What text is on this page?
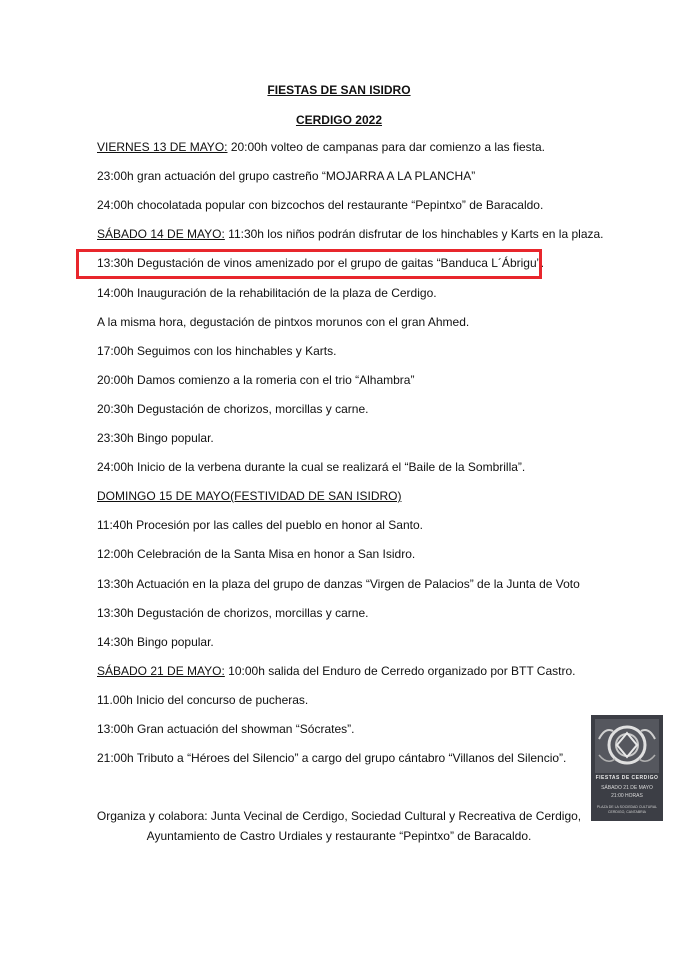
FIESTAS DE SAN ISIDRO
CERDIGO 2022
VIERNES 13 DE MAYO: 20:00h volteo de campanas para dar comienzo a las fiesta.
23:00h gran actuación del grupo castreño “MOJARRA A LA PLANCHA”
24:00h chocolatada popular con bizcochos del restaurante “Pepintxo” de Baracaldo.
SÁBADO 14 DE MAYO: 11:30h los niños podrán disfrutar de los hinchables y Karts en la plaza.
13:30h Degustación de vinos amenizado por el grupo de gaitas “Banduca L´Ábrigu”.
14:00h Inauguración de la rehabilitación de la plaza de Cerdigo.
A la misma hora, degustación de pintxos morunos con el gran Ahmed.
17:00h Seguimos con los hinchables y Karts.
20:00h Damos comienzo a la romeria con el trio “Alhambra”
20:30h Degustación de chorizos, morcillas y carne.
23:30h Bingo popular.
24:00h Inicio de la verbena durante la cual se realizará el “Baile de la Sombrilla”.
DOMINGO 15 DE MAYO(FESTIVIDAD DE SAN ISIDRO)
11:40h Procesión por las calles del pueblo en honor al Santo.
12:00h Celebración de la Santa Misa en honor a San Isidro.
13:30h Actuación en la plaza del grupo de danzas “Virgen de Palacios” de la Junta de Voto
13:30h Degustación de chorizos, morcillas y carne.
14:30h Bingo popular.
SÁBADO 21 DE MAYO: 10:00h salida del Enduro de Cerredo organizado por BTT Castro.
11.00h Inicio del concurso de pucheras.
13:00h Gran actuación del showman “Sócrates”.
21:00h Tributo a “Héroes del Silencio” a cargo del grupo cántabro “Villanos del Silencio”.
Organiza y colabora: Junta Vecinal de Cerdigo, Sociedad Cultural y Recreativa de Cerdigo,
Ayuntamiento de Castro Urdiales y restaurante “Pepintxo” de Baracaldo.
FIESTAS DE CERDIGO
SÁBADO 21 DE MAYO
21:00 HORAS
PLAZA DE LA SOCIEDAD CULTURAL
CERDIGO, CANTABRIA
